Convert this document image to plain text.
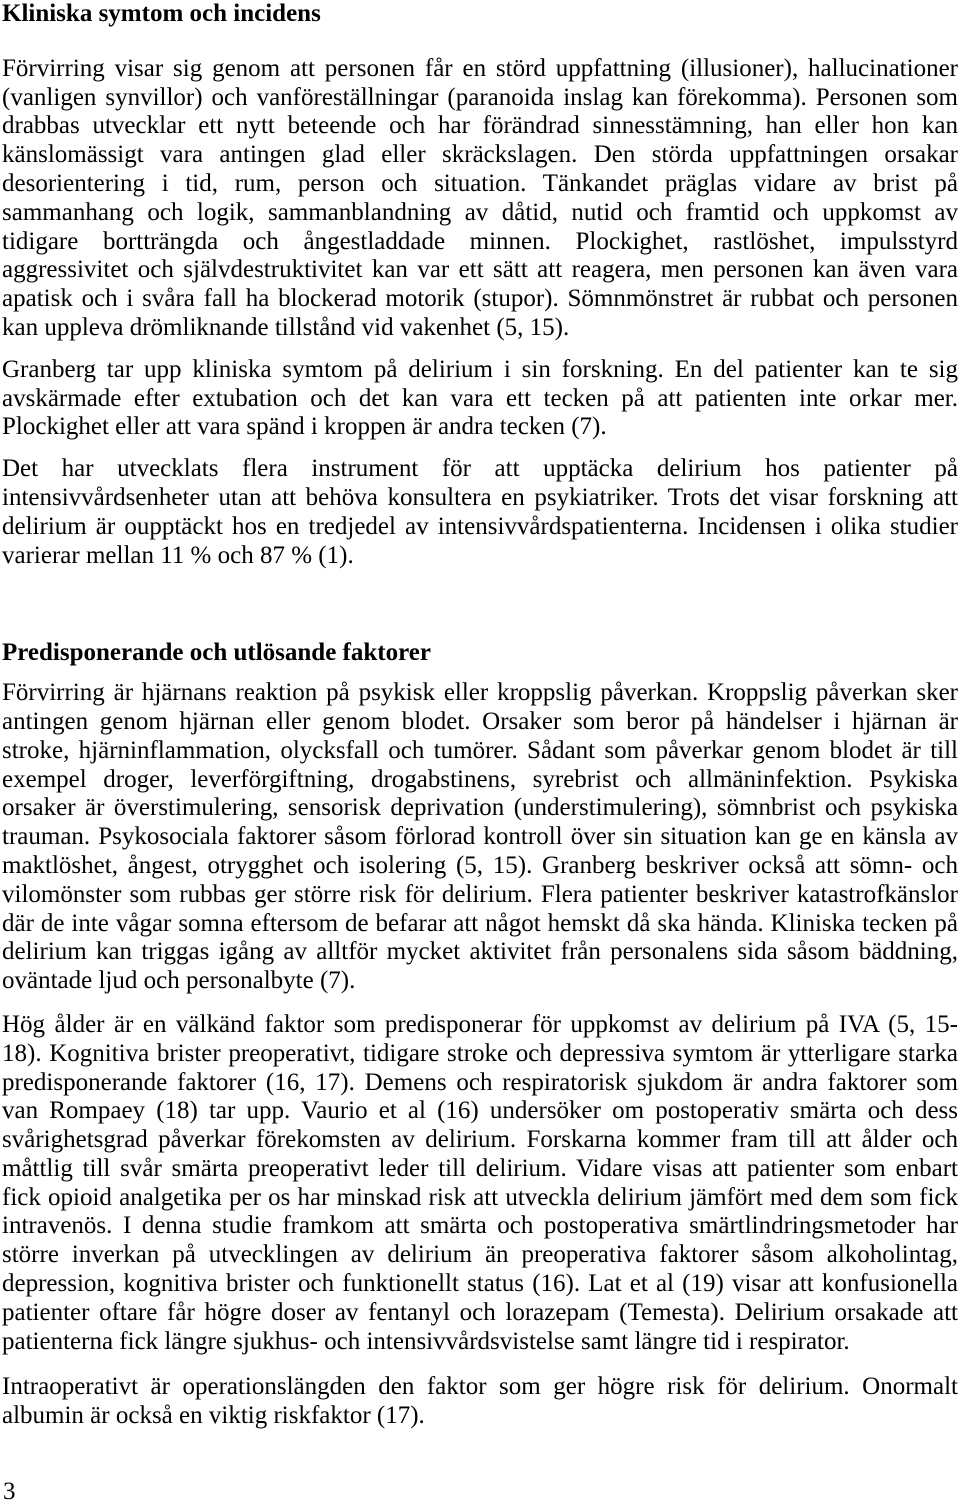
Kliniska symtom och incidens
Förvirring visar sig genom att personen får en störd uppfattning (illusioner), hallucinationer
(vanligen synvillor) och vanföreställningar (paranoida inslag kan förekomma). Personen som
drabbas utvecklar ett nytt beteende och har förändrad sinnesstämning, han eller hon kan
känslomässigt vara antingen glad eller skräckslagen. Den störda uppfattningen orsakar
desorientering i tid, rum, person och situation. Tänkandet präglas vidare av brist på
sammanhang och logik, sammanblandning av dåtid, nutid och framtid och uppkomst av
tidigare bortträngda och ångestladdade minnen. Plockighet, rastlöshet, impulsstyrd
aggressivitet och självdestruktivitet kan var ett sätt att reagera, men personen kan även vara
apatisk och i svåra fall ha blockerad motorik (stupor). Sömnmönstret är rubbat och personen
kan uppleva drömliknande tillstånd vid vakenhet (5, 15).
Granberg tar upp kliniska symtom på delirium i sin forskning. En del patienter kan te sig
avskärmade efter extubation och det kan vara ett tecken på att patienten inte orkar mer.
Plockighet eller att vara spänd i kroppen är andra tecken (7).
Det har utvecklats flera instrument för att upptäcka delirium hos patienter på
intensivvårdsenheter utan att behöva konsultera en psykiatriker. Trots det visar forskning att
delirium är oupptäckt hos en tredjedel av intensivvårdspatienterna. Incidensen i olika studier
varierar mellan 11 % och 87 % (1).
Predisponerande och utlösande faktorer
Förvirring är hjärnans reaktion på psykisk eller kroppslig påverkan. Kroppslig påverkan sker
antingen genom hjärnan eller genom blodet. Orsaker som beror på händelser i hjärnan är
stroke, hjärninflammation, olycksfall och tumörer. Sådant som påverkar genom blodet är till
exempel droger, leverförgiftning, drogabstinens, syrebrist och allmäninfektion. Psykiska
orsaker är överstimulering, sensorisk deprivation (understimulering), sömnbrist och psykiska
trauman. Psykosociala faktorer såsom förlorad kontroll över sin situation kan ge en känsla av
maktlöshet, ångest, otrygghet och isolering (5, 15). Granberg beskriver också att sömn- och
vilomönster som rubbas ger större risk för delirium. Flera patienter beskriver katastrofkänslor
där de inte vågar somna eftersom de befarar att något hemskt då ska hända. Kliniska tecken på
delirium kan triggas igång av alltför mycket aktivitet från personalens sida såsom bäddning,
oväntade ljud och personalbyte (7).
Hög ålder är en välkänd faktor som predisponerar för uppkomst av delirium på IVA (5, 15-
18). Kognitiva brister preoperativt, tidigare stroke och depressiva symtom är ytterligare starka
predisponerande faktorer (16, 17). Demens och respiratorisk sjukdom är andra faktorer som
van Rompaey (18) tar upp. Vaurio et al (16) undersöker om postoperativ smärta och dess
svårighetsgrad påverkar förekomsten av delirium. Forskarna kommer fram till att ålder och
måttlig till svår smärta preoperativt leder till delirium. Vidare visas att patienter som enbart
fick opioid analgetika per os har minskad risk att utveckla delirium jämfört med dem som fick
intravenös. I denna studie framkom att smärta och postoperativa smärtlindringsmetoder har
större inverkan på utvecklingen av delirium än preoperativa faktorer såsom alkoholintag,
depression, kognitiva brister och funktionellt status (16). Lat et al (19) visar att konfusionella
patienter oftare får högre doser av fentanyl och lorazepam (Temesta). Delirium orsakade att
patienterna fick längre sjukhus- och intensivvårdsvistelse samt längre tid i respirator.
Intraoperativt är operationslängden den faktor som ger högre risk för delirium. Onormalt
albumin är också en viktig riskfaktor (17).
3
